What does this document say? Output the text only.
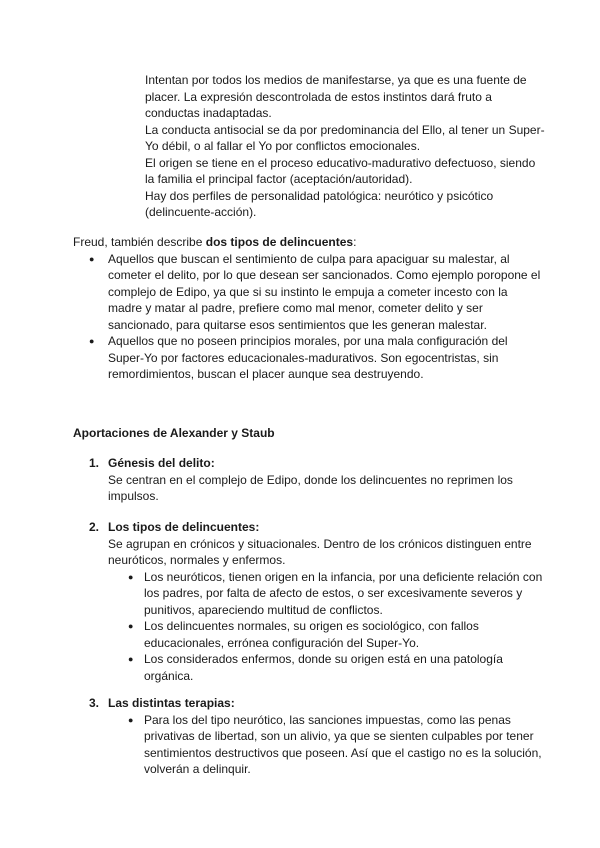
Intentan por todos los medios de manifestarse, ya que es una fuente de placer. La expresión descontrolada de estos instintos dará fruto a conductas inadaptadas.

La conducta antisocial se da por predominancia del Ello, al tener un Super-Yo débil, o al fallar el Yo por conflictos emocionales.

El origen se tiene en el proceso educativo-madurativo defectuoso, siendo la familia el principal factor (aceptación/autoridad).

Hay dos perfiles de personalidad patológica: neurótico y psicótico (delincuente-acción).

Freud, también describe dos tipos de delincuentes:

● Aquellos que buscan el sentimiento de culpa para apaciguar su malestar, al cometer el delito, por lo que desean ser sancionados. Como ejemplo poropone el complejo de Edipo, ya que si su instinto le empuja a cometer incesto con la madre y matar al padre, prefiere como mal menor, cometer delito y ser sancionado, para quitarse esos sentimientos que les generan malestar.
● Aquellos que no poseen principios morales, por una mala configuración del Super-Yo por factores educacionales-madurativos. Son egocentristas, sin remordimientos, buscan el placer aunque sea destruyendo.

Aportaciones de Alexander y Staub

1. Génesis del delito:

Se centran en el complejo de Edipo, donde los delincuentes no reprimen los impulsos.

2. Los tipos de delincuentes:

Se agrupan en crónicos y situacionales. Dentro de los crónicos distinguen entre neuróticos, normales y enfermos.

● Los neuróticos, tienen origen en la infancia, por una deficiente relación con los padres, por falta de afecto de estos, o ser excesivamente severos y punitivos, apareciendo multitud de conflictos.
● Los delincuentes normales, su origen es sociológico, con fallos educacionales, errónea configuración del Super-Yo.
● Los considerados enfermos, donde su origen está en una patología orgánica.
3. Las distintas terapias:

● Para los del tipo neurótico, las sanciones impuestas, como las penas privativas de libertad, son un alivio, ya que se sienten culpables por tener sentimientos destructivos que poseen. Así que el castigo no es la solución, volverán a delinquir.
